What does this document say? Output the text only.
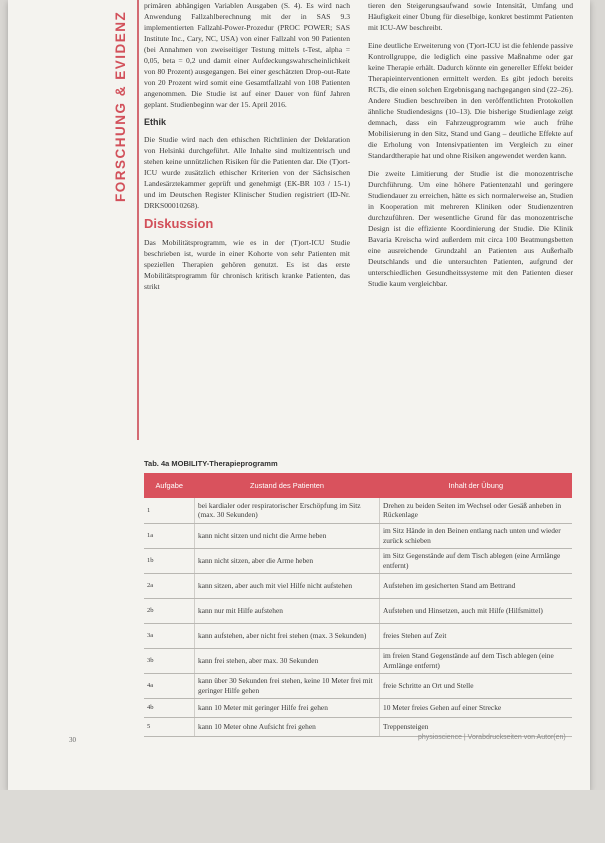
FORSCHUNG & EVIDENZ

primären abhängigen Variablen Ausgaben (S. 4). Es wird nach Anwendung Fallzahlberechnung mit der in SAS 9.3 implementierten Fallzahl-Power-Prozedur (PROC POWER; SAS Institute Inc., Cary, NC, USA) von einer Fallzahl von 90 Patienten (bei Annahmen von zweiseitiger Testung mittels t-Test, alpha = 0,05, beta = 0,2 und damit einer Aufdeckungswahrscheinlichkeit von 80 Prozent) ausgegangen. Bei einer geschätzten Drop-out-Rate von 20 Prozent wird somit eine Gesamtfallzahl von 108 Patienten angenommen. Die Studie ist auf einer Dauer von fünf Jahren geplant. Studienbeginn war der 15. April 2016.

Ethik

Die Studie wird nach den ethischen Richtlinien der Deklaration von Helsinki durchgeführt. Alle Inhalte sind multizentrisch und stehen keine unnützlichen Risiken für die Patienten dar. Die (T)ort-ICU wurde zusätzlich ethischer Kriterien von der Sächsischen Landesärztekammer geprüft und genehmigt (EK-BR 103 / 15-1) und im Deutschen Register Klinischer Studien registriert (ID-Nr. DRKS00010268).

Diskussion

Das Mobilitätsprogramm, wie es in der (T)ort-ICU Studie beschrieben ist, wurde in einer Kohorte von sehr Patienten mit speziellen Therapien gehören genutzt. Es ist das erste Mobilitätsprogramm für chronisch kritisch kranke Patienten, das strikt

tieren den Steigerungsaufwand sowie Intensität, Umfang und Häufigkeit einer Übung für dieselbige, konkret bestimmt Patienten mit ICU-AW beschreibt.

Eine deutliche Erweiterung von (T)ort-ICU ist die fehlende passive Kontrollgruppe, die lediglich eine passive Maßnahme oder gar keine Therapie erhält. Dadurch könnte ein genereller Effekt beider Therapieinterventionen ermittelt werden. Es gibt jedoch bereits RCTs, die einen solchen Ergebnisgang nachgegangen sind (22–26). Andere Studien beschreiben in den veröffentlichten Protokollen ähnliche Studiendesigns (10–13). Die bisherige Studienlage zeigt demnach, dass ein Fahrzeugprogramm wie auch frühe Mobilisierung in den Sitz, Stand und Gang – deutliche Effekte auf die Erholung von Intensivpatienten im Vergleich zu einer Standardtherapie hat und ohne Risiken angewendet werden kann.

Die zweite Limitierung der Studie ist die monozentrische Durchführung. Um eine höhere Patientenzahl und geringere Studiendauer zu erreichen, hätte es sich normalerweise an, Studien in Kooperation mit mehreren Kliniken oder Studienzentren durchzuführen. Der wesentliche Grund für das monozentrische Design ist die effiziente Koordinierung der Studie. Die Klinik Bavaria Kreischa wird außerdem mit circa 100 Beatmungsbetten eine ausreichende Grundzahl an Patienten aus Außerhalb Deutschlands und die untersuchten Patienten, aufgrund der unterschiedlichen Gesundheitssysteme mit den Patienten dieser Studie kaum vergleichbar.

Tab. 4a MOBILITY-Therapieprogramm
Aufgabe	Zustand des Patienten	Inhalt der Übung
1	bei kardialer oder respiratorischer Erschöpfung im Sitz (max. 30 Sekunden)	Drehen zu beiden Seiten im Wechsel oder Gesäß anheben in Rückenlage
1a	kann nicht sitzen und nicht die Arme heben	im Sitz Hände in den Beinen entlang nach unten und wieder zurück schieben
1b	kann nicht sitzen, aber die Arme heben	im Sitz Gegenstände auf dem Tisch ablegen (eine Armlänge entfernt)
2a	kann sitzen, aber auch mit viel Hilfe nicht aufstehen	Aufstehen im gesicherten Stand am Bettrand
2b	kann nur mit Hilfe aufstehen	Aufstehen und Hinsetzen, auch mit Hilfe (Hilfsmittel)
3a	kann aufstehen, aber nicht frei stehen (max. 3 Sekunden)	freies Stehen auf Zeit
3b	kann frei stehen, aber max. 30 Sekunden	im freien Stand Gegenstände auf dem Tisch ablegen (eine Armlänge entfernt)
4a	kann über 30 Sekunden frei stehen, keine 10 Meter frei mit geringer Hilfe gehen	freie Schritte an Ort und Stelle
4b	kann 10 Meter mit geringer Hilfe frei gehen	10 Meter freies Gehen auf einer Strecke
5	kann 10 Meter ohne Aufsicht frei gehen	Treppensteigen
30	physioscience | Vorabdruckseiten von Autor(en)
